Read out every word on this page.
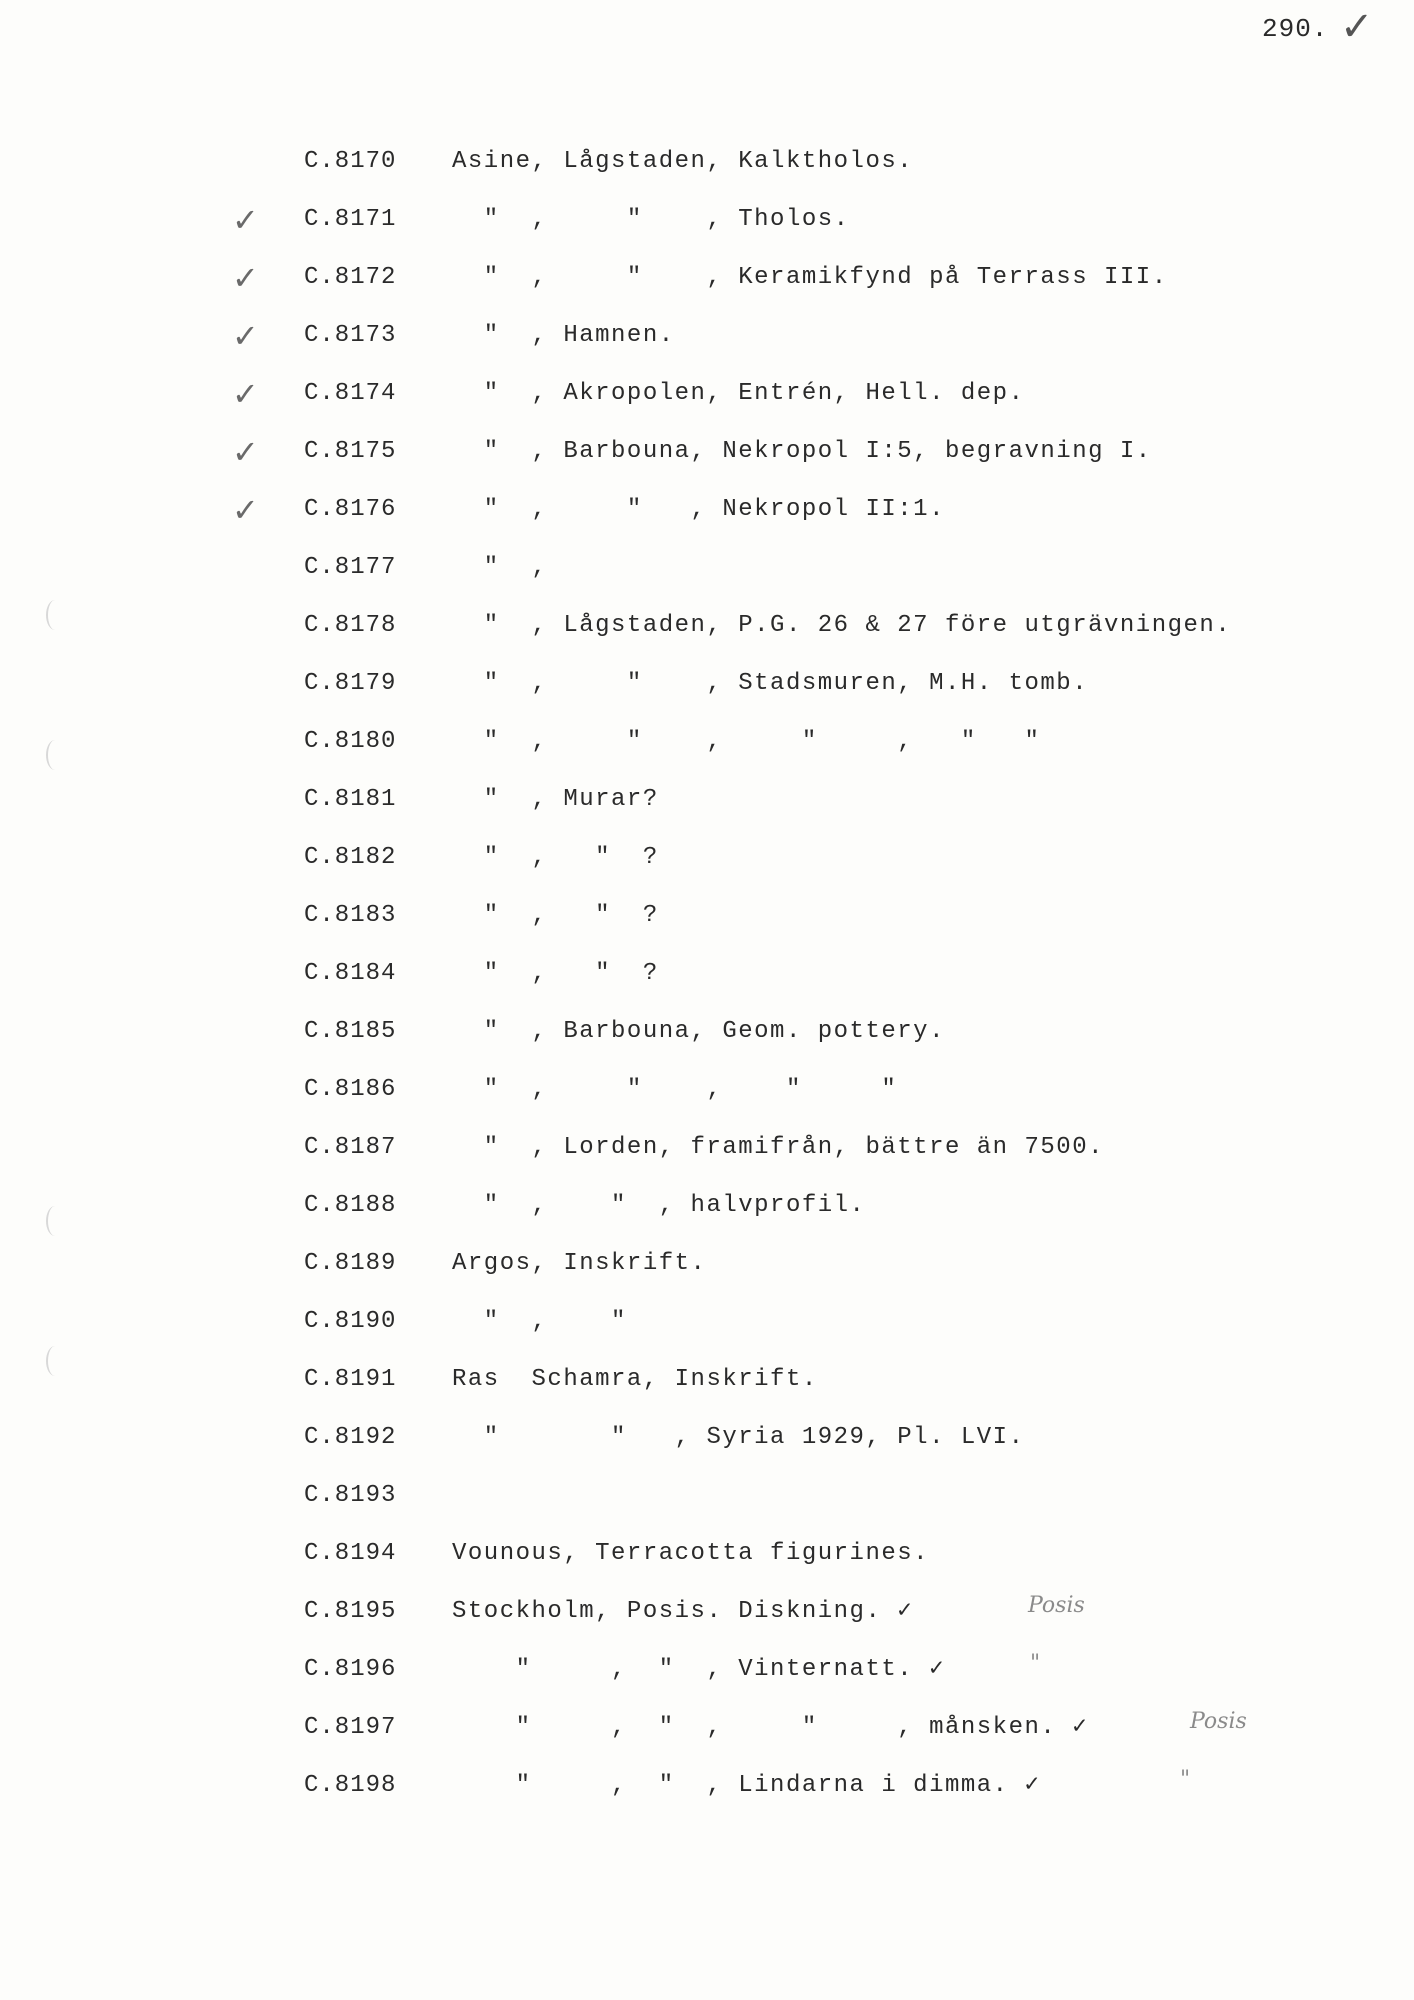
290. ✓
C.8170 Asine, Lågstaden, Kalktholos.
✓ C.8171 "  ,     "    , Tholos.
✓ C.8172 "  ,     "    , Keramikfynd på Terrass III.
✓ C.8173 "  , Hamnen.
✓ C.8174 "  , Akropolen, Entrén, Hell. dep.
✓ C.8175 "  , Barbouna, Nekropol I:5, begravning I.
✓ C.8176 "  ,     "   , Nekropol II:1.
C.8177 "  ,
C.8178 "  , Lågstaden, P.G. 26 & 27 före utgrävningen.
C.8179 "  ,     "    , Stadsmuren, M.H. tomb.
C.8180 "  ,     "    ,     "     ,   "   "
C.8181 "  , Murar?
C.8182 "  ,   "  ?
C.8183 "  ,   "  ?
C.8184 "  ,   "  ?
C.8185 "  , Barbouna, Geom. pottery.
C.8186 "  ,     "    ,    "     "
C.8187 "  , Lorden, framifrån, bättre än 7500.
C.8188 "  ,    "  , halvprofil.
C.8189 Argos, Inskrift.
C.8190 "  ,    "
C.8191 Ras  Schamra, Inskrift.
C.8192 "       "   , Syria 1929, Pl. LVI.
C.8193
C.8194 Vounous, Terracotta figurines.
C.8195 Stockholm, Posis. Diskning. ✓	Posis
C.8196 "     ,  "  , Vinternatt. ✓	"
C.8197 "     ,  "  ,     "     , månsken. ✓	Posis
C.8198 "     ,  "  , Lindarna i dimma. ✓	"
